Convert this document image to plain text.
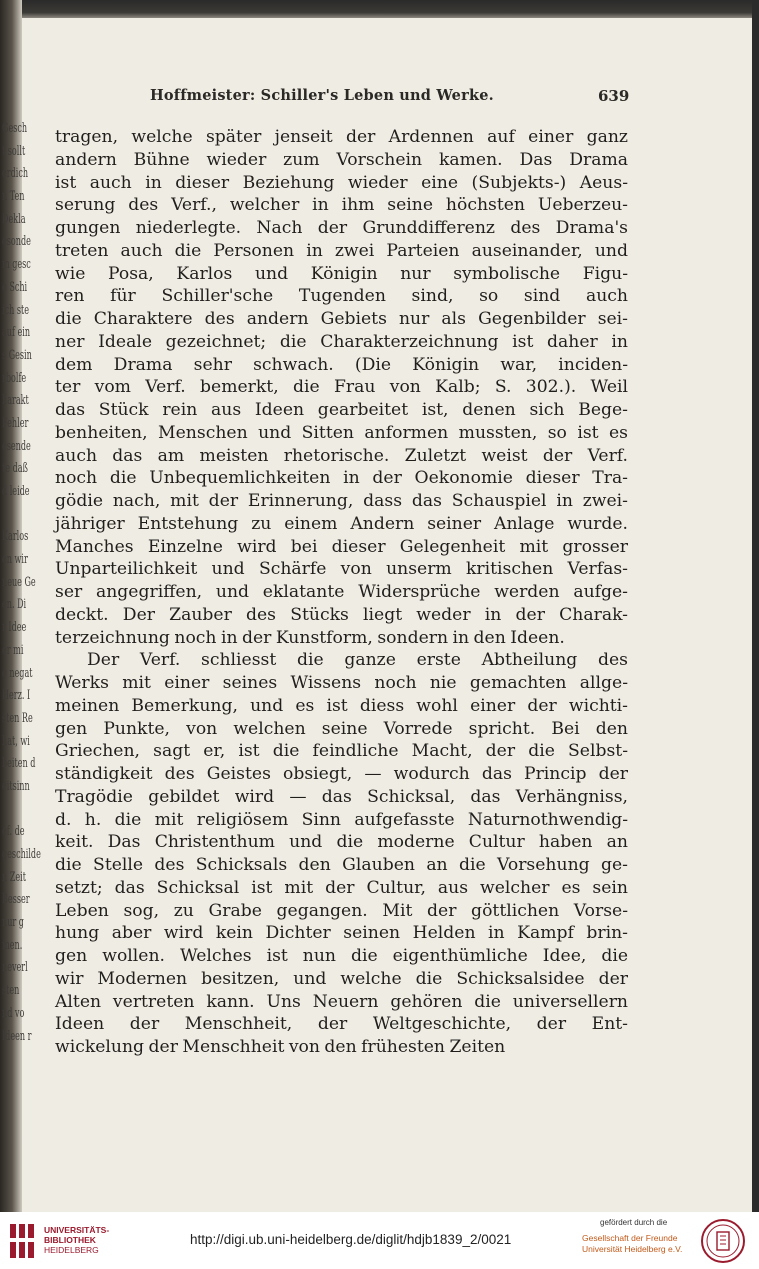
Gesch
t sollt
erdich
n Ten
Dekla
esonde
m gesc
e Schi
ich ste
auf ein
s Gesin
rbolfe
harakt
Fehler
esende
te daß
d leide
Karlos
en wir
neue Ge
en. Di
r Idee
er mi
e negat
Herz. I
sten Re
hat, wi
beiten d
eitsinn
ef. de
geschilde
n Zeit
Besser
nur g
inen.
neverl
sten
nd vo
Ideen r
Hoffmeister: Schiller's Leben und Werke.	639
tragen, welche später jenseit der Ardennen auf einer ganz
andern Bühne wieder zum Vorschein kamen. Das Drama
ist auch in dieser Beziehung wieder eine (Subjekts-) Aeus-
serung des Verf., welcher in ihm seine höchsten Ueberzeu-
gungen niederlegte. Nach der Grunddifferenz des Drama's
treten auch die Personen in zwei Parteien auseinander, und
wie Posa, Karlos und Königin nur symbolische Figu-
ren für Schiller'sche Tugenden sind, so sind auch
die Charaktere des andern Gebiets nur als Gegenbilder sei-
ner Ideale gezeichnet; die Charakterzeichnung ist daher in
dem Drama sehr schwach. (Die Königin war, inciden-
ter vom Verf. bemerkt, die Frau von Kalb; S. 302.). Weil
das Stück rein aus Ideen gearbeitet ist, denen sich Bege-
benheiten, Menschen und Sitten anformen mussten, so ist es
auch das am meisten rhetorische. Zuletzt weist der Verf.
noch die Unbequemlichkeiten in der Oekonomie dieser Tra-
gödie nach, mit der Erinnerung, dass das Schauspiel in zwei-
jähriger Entstehung zu einem Andern seiner Anlage wurde.
Manches Einzelne wird bei dieser Gelegenheit mit grosser
Unparteilichkeit und Schärfe von unserm kritischen Verfas-
ser angegriffen, und eklatante Widersprüche werden aufge-
deckt. Der Zauber des Stücks liegt weder in der Charak-
terzeichnung noch in der Kunstform, sondern in den Ideen.
Der Verf. schliesst die ganze erste Abtheilung des
Werks mit einer seines Wissens noch nie gemachten allge-
meinen Bemerkung, und es ist diess wohl einer der wichti-
gen Punkte, von welchen seine Vorrede spricht. Bei den
Griechen, sagt er, ist die feindliche Macht, der die Selbst-
ständigkeit des Geistes obsiegt, — wodurch das Princip der
Tragödie gebildet wird — das Schicksal, das Verhängniss,
d. h. die mit religiösem Sinn aufgefasste Naturnothwendig-
keit. Das Christenthum und die moderne Cultur haben an
die Stelle des Schicksals den Glauben an die Vorsehung ge-
setzt; das Schicksal ist mit der Cultur, aus welcher es sein
Leben sog, zu Grabe gegangen. Mit der göttlichen Vorse-
hung aber wird kein Dichter seinen Helden in Kampf brin-
gen wollen. Welches ist nun die eigenthümliche Idee, die
wir Modernen besitzen, und welche die Schicksalsidee der
Alten vertreten kann. Uns Neuern gehören die universellern
Ideen der Menschheit, der Weltgeschichte, der Ent-
wickelung der Menschheit von den frühesten Zeiten
UNIVERSITÄTS-
BIBLIOTHEK
HEIDELBERG
http://digi.ub.uni-heidelberg.de/diglit/hdjb1839_2/0021
gefördert durch die
Gesellschaft der Freunde
Universität Heidelberg e.V.
